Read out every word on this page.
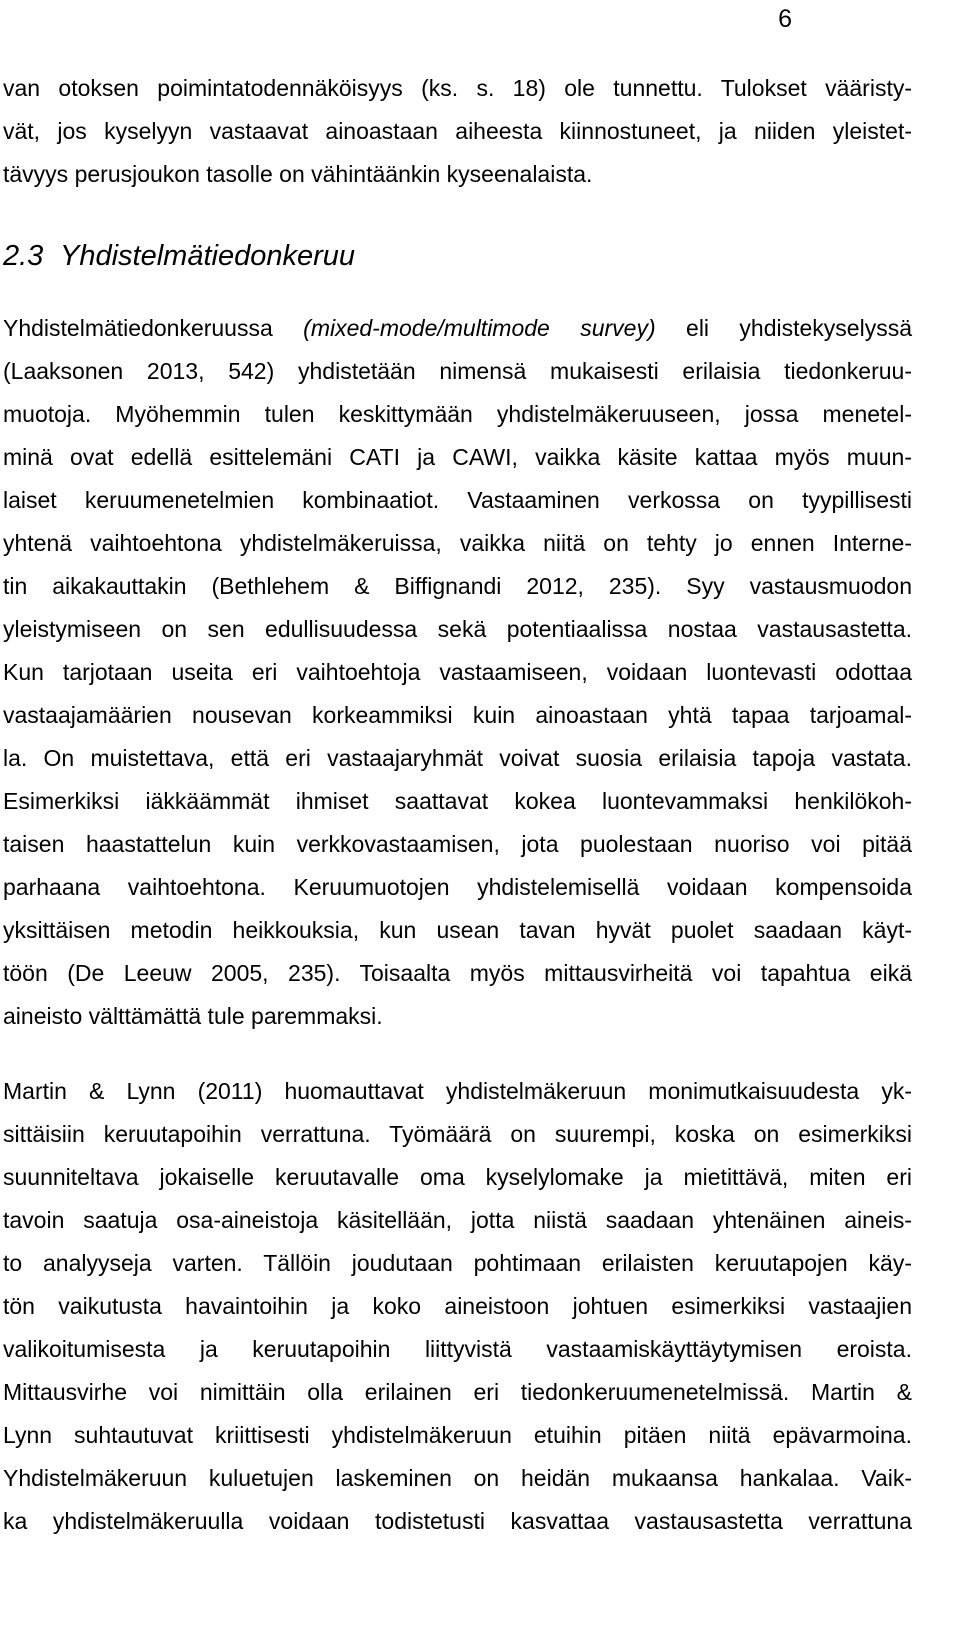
6
van otoksen poimintatodennäköisyys (ks. s. 18) ole tunnettu. Tulokset vääristy-
vät, jos kyselyyn vastaavat ainoastaan aiheesta kiinnostuneet, ja niiden yleistet-
tävyys perusjoukon tasolle on vähintäänkin kyseenalaista.
2.3 Yhdistelmätiedonkeruu
Yhdistelmätiedonkeruussa (mixed-mode/multimode survey) eli yhdistekyselyssä
(Laaksonen 2013, 542) yhdistetään nimensä mukaisesti erilaisia tiedonkeruu-
muotoja. Myöhemmin tulen keskittymään yhdistelmäkeruuseen, jossa menetel-
minä ovat edellä esittelemäni CATI ja CAWI, vaikka käsite kattaa myös muun-
laiset keruumenetelmien kombinaatiot. Vastaaminen verkossa on tyypillisesti
yhtenä vaihtoehtona yhdistelmäkeruissa, vaikka niitä on tehty jo ennen Interne-
tin aikakauttakin (Bethlehem & Biffignandi 2012, 235). Syy vastausmuodon
yleistymiseen on sen edullisuudessa sekä potentiaalissa nostaa vastausastetta.
Kun tarjotaan useita eri vaihtoehtoja vastaamiseen, voidaan luontevasti odottaa
vastaajamäärien nousevan korkeammiksi kuin ainoastaan yhtä tapaa tarjoamal-
la. On muistettava, että eri vastaajaryhmät voivat suosia erilaisia tapoja vastata.
Esimerkiksi iäkkäämmät ihmiset saattavat kokea luontevammaksi henkilökoh-
taisen haastattelun kuin verkkovastaamisen, jota puolestaan nuoriso voi pitää
parhaana vaihtoehtona. Keruumuotojen yhdistelemisellä voidaan kompensoida
yksittäisen metodin heikkouksia, kun usean tavan hyvät puolet saadaan käyt-
töön (De Leeuw 2005, 235). Toisaalta myös mittausvirheitä voi tapahtua eikä
aineisto välttämättä tule paremmaksi.
Martin & Lynn (2011) huomauttavat yhdistelmäkeruun monimutkaisuudesta yk-
sittäisiin keruutapoihin verrattuna. Työmäärä on suurempi, koska on esimerkiksi
suunniteltava jokaiselle keruutavalle oma kyselylomake ja mietittävä, miten eri
tavoin saatuja osa-aineistoja käsitellään, jotta niistä saadaan yhtenäinen aineis-
to analyyseja varten. Tällöin joudutaan pohtimaan erilaisten keruutapojen käy-
tön vaikutusta havaintoihin ja koko aineistoon johtuen esimerkiksi vastaajien
valikoitumisesta ja keruutapoihin liittyvistä vastaamiskäyttäytymisen eroista.
Mittausvirhe voi nimittäin olla erilainen eri tiedonkeruumenetelmissä. Martin &
Lynn suhtautuvat kriittisesti yhdistelmäkeruun etuihin pitäen niitä epävarmoina.
Yhdistelmäkeruun kuluetujen laskeminen on heidän mukaansa hankalaa. Vaik-
ka yhdistelmäkeruulla voidaan todistetusti kasvattaa vastausastetta verrattuna
